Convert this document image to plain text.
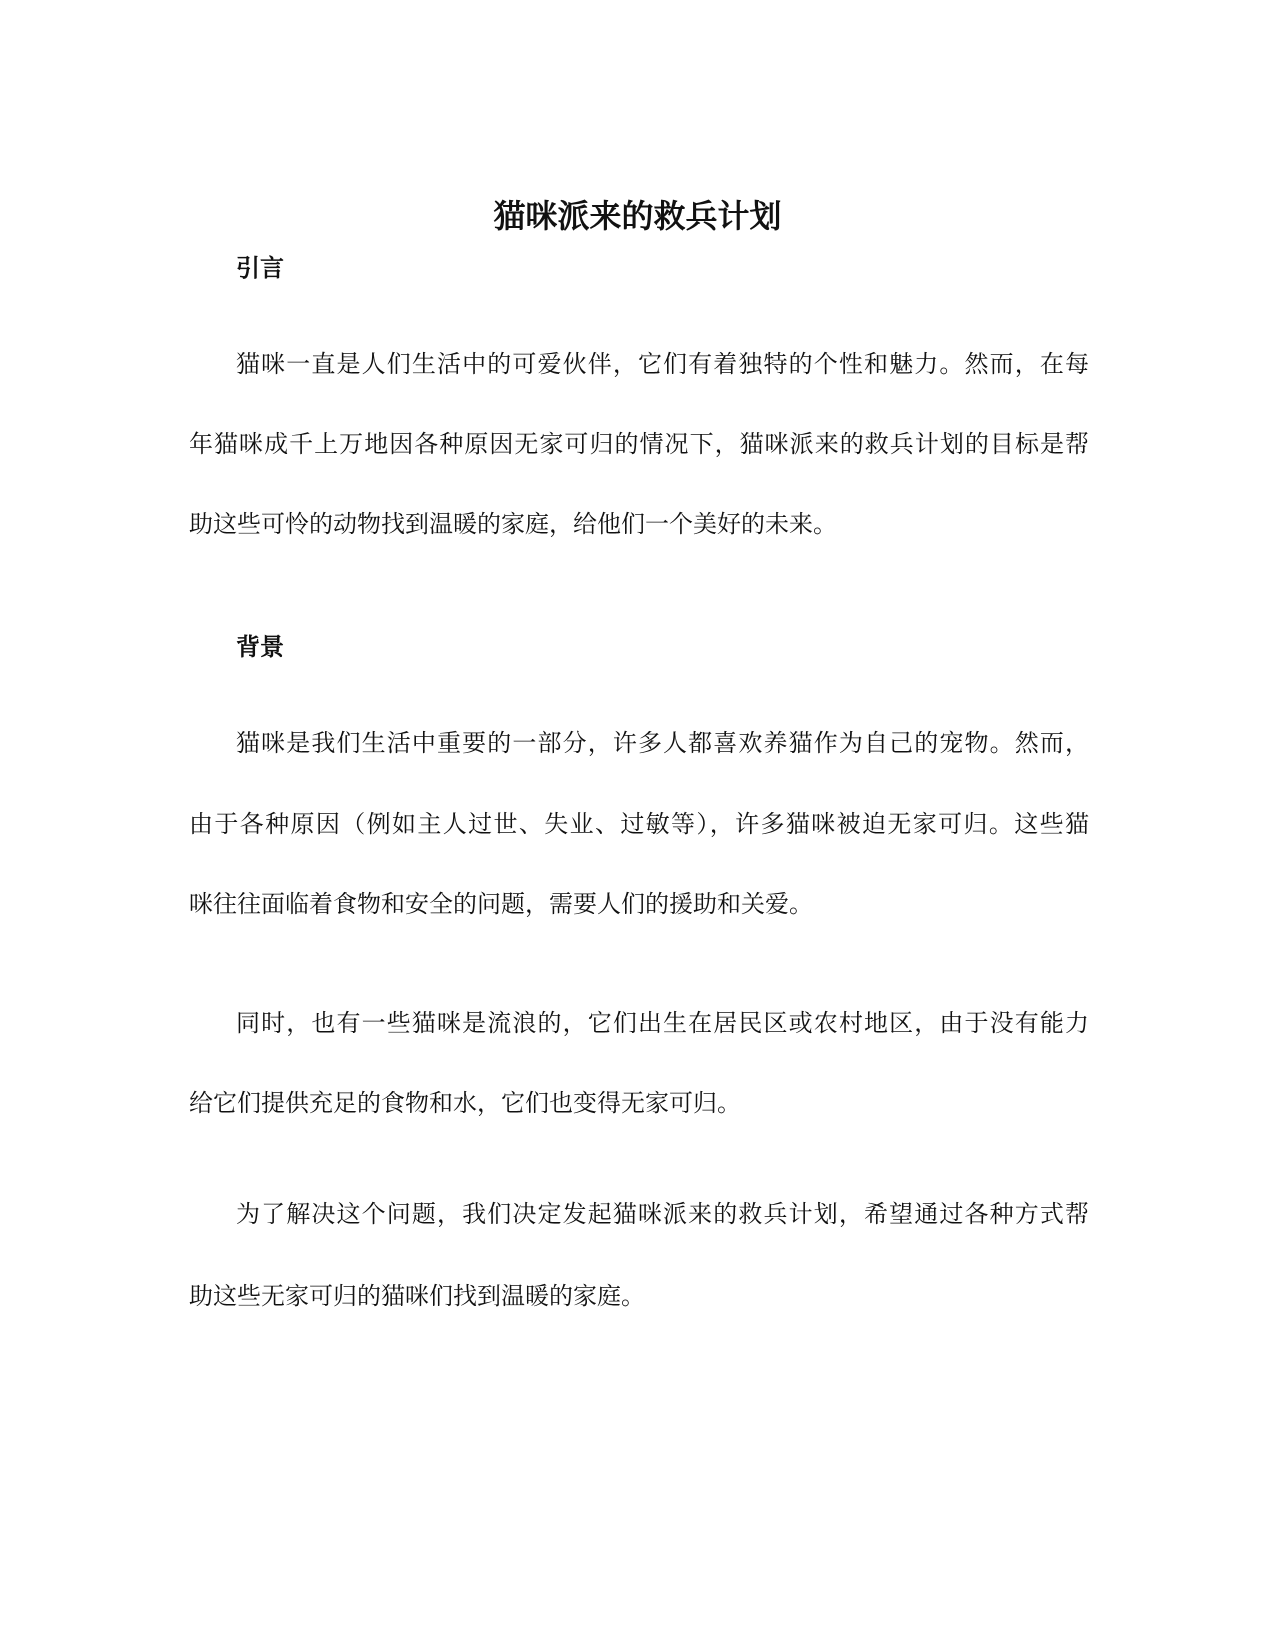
猫咪派来的救兵计划
引言

猫咪一直是人们生活中的可爱伙伴，它们有着独特的个性和魅力。然而，在每

年猫咪成千上万地因各种原因无家可归的情况下，猫咪派来的救兵计划的目标是帮

助这些可怜的动物找到温暖的家庭，给他们一个美好的未来。

背景

猫咪是我们生活中重要的一部分，许多人都喜欢养猫作为自己的宠物。然而，

由于各种原因（例如主人过世、失业、过敏等），许多猫咪被迫无家可归。这些猫

咪往往面临着食物和安全的问题，需要人们的援助和关爱。

同时，也有一些猫咪是流浪的，它们出生在居民区或农村地区，由于没有能力

给它们提供充足的食物和水，它们也变得无家可归。

为了解决这个问题，我们决定发起猫咪派来的救兵计划，希望通过各种方式帮

助这些无家可归的猫咪们找到温暖的家庭。
